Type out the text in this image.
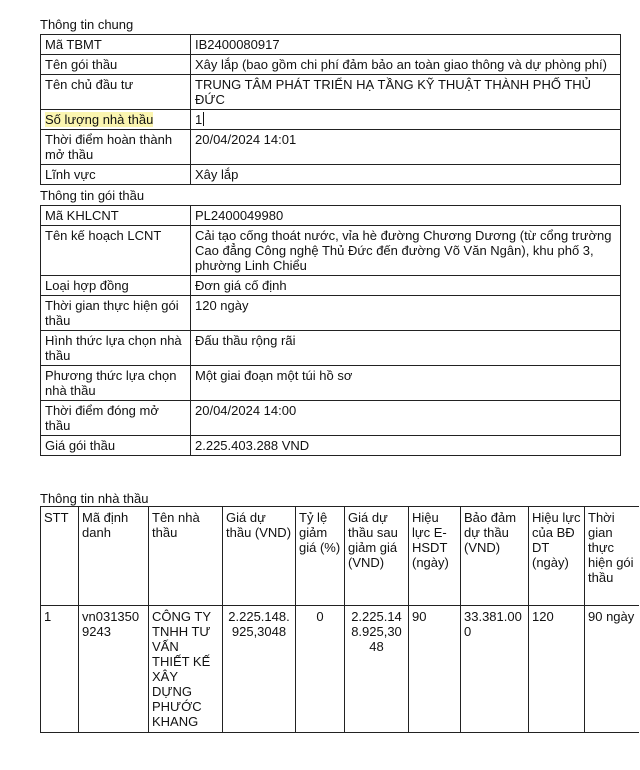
Thông tin chung
Mã TBMT	IB2400080917
Tên gói thầu	Xây lắp (bao gồm chi phí đảm bảo an toàn giao thông và dự phòng phí)
Tên chủ đầu tư	TRUNG TÂM PHÁT TRIỂN HẠ TẦNG KỸ THUẬT THÀNH PHỐ THỦ ĐỨC
Số lượng nhà thầu	1
Thời điểm hoàn thành mở thầu	20/04/2024 14:01
Lĩnh vực	Xây lắp
Thông tin gói thầu
Mã KHLCNT	PL2400049980
Tên kế hoạch LCNT	Cải tạo cống thoát nước, vỉa hè đường Chương Dương (từ cổng trường Cao đẳng Công nghệ Thủ Đức đến đường Võ Văn Ngân), khu phố 3, phường Linh Chiểu
Loại hợp đồng	Đơn giá cố định
Thời gian thực hiện gói thầu	120 ngày
Hình thức lựa chọn nhà thầu	Đấu thầu rộng rãi
Phương thức lựa chọn nhà thầu	Một giai đoạn một túi hồ sơ
Thời điểm đóng mở thầu	20/04/2024 14:00
Giá gói thầu	2.225.403.288 VND
Thông tin nhà thầu
STT	Mã định danh	Tên nhà thầu	Giá dự thầu (VND)	Tỷ lệ giảm giá (%)	Giá dự thầu sau giảm giá (VND)	Hiệu lực E-HSDT (ngày)	Bảo đảm dự thầu (VND)	Hiệu lực của BĐ DT (ngày)	Thời gian thực hiện gói thầu
1	vn0313509243	CÔNG TY TNHH TƯ VẤN THIẾT KẾ XÂY DỰNG PHƯỚC KHANG	2.225.148.925,3048	0	2.225.148.925,3048	90	33.381.000	120	90 ngày
